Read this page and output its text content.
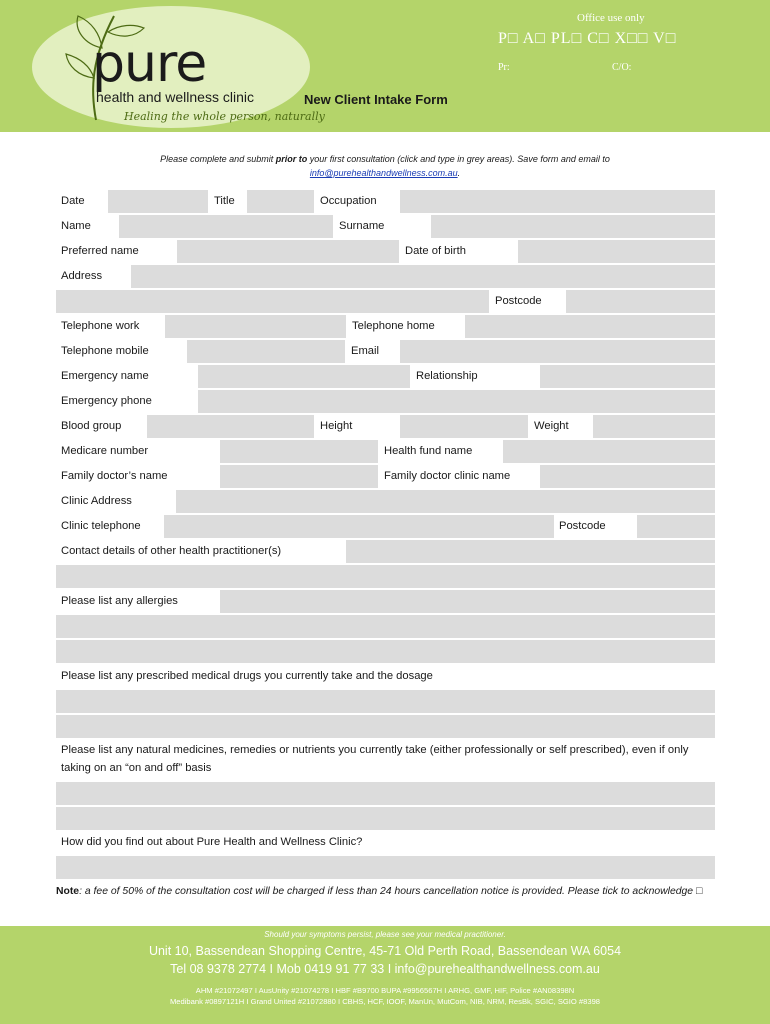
pure
health and wellness clinic
Healing the whole person, naturally
New Client Intake Form
Office use only
P□ A□ PL□ C□ X□□ V□
Pr:	C/O:
Please complete and submit prior to your first consultation (click and type in grey areas). Save form and email to
info@purehealthandwellness.com.au.
Date	Title	Occupation
Name	Surname
Preferred name	Date of birth
Address
Postcode
Telephone work	Telephone home
Telephone mobile	Email
Emergency name	Relationship
Emergency phone
Blood group	Height	Weight
Medicare number	Health fund name
Family doctor’s name	Family doctor clinic name
Clinic Address
Clinic telephone	Postcode
Contact details of other health practitioner(s)
Please list any allergies
Please list any prescribed medical drugs you currently take and the dosage
Please list any natural medicines, remedies or nutrients you currently take (either professionally or self prescribed), even if only taking on an “on and off” basis
How did you find out about Pure Health and Wellness Clinic?
Note: a fee of 50% of the consultation cost will be charged if less than 24 hours cancellation notice is provided. Please tick to acknowledge □
Should your symptoms persist, please see your medical practitioner.
Unit 10, Bassendean Shopping Centre, 45-71 Old Perth Road, Bassendean WA 6054
Tel 08 9378 2774 I Mob 0419 91 77 33 I info@purehealthandwellness.com.au
AHM #21072497 I AusUnity #21074278 I HBF #B9700 BUPA #9956567H I ARHG, GMF, HIF, Police #AN08398N
Medibank #0897121H I Grand United #21072880 I CBHS, HCF, IOOF, ManUn, MutCom, NIB, NRM, ResBk, SGIC, SGIO #8398
